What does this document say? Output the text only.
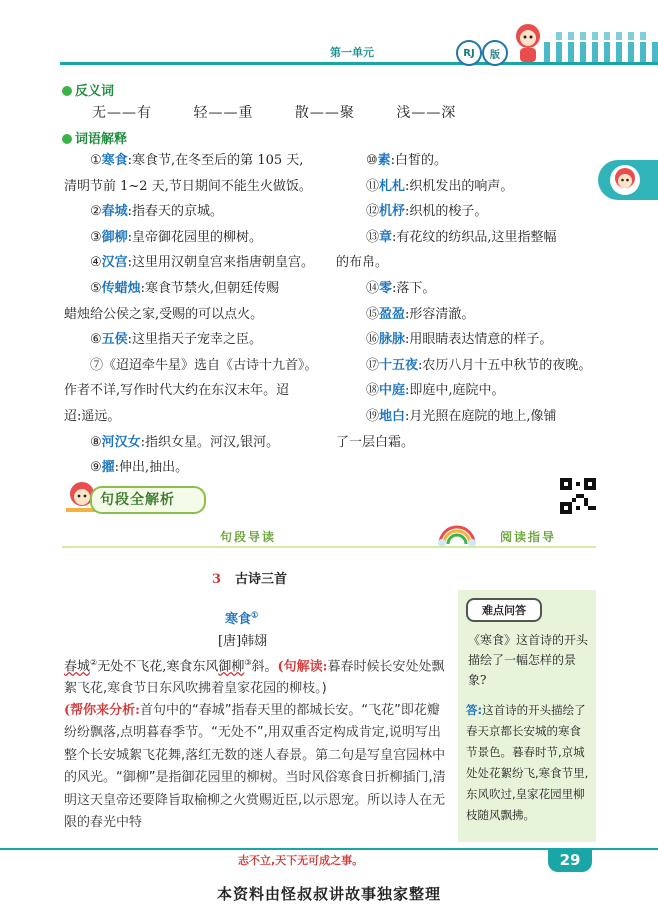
第一单元	RJ	版
反义词
无——有	轻——重	散——聚	浅——深
词语解释
①寒食:寒食节,在冬至后的第 105 天,
清明节前 1~2 天,节日期间不能生火做饭。
②春城:指春天的京城。
③御柳:皇帝御花园里的柳树。
④汉宫:这里用汉朝皇宫来指唐朝皇宫。
⑤传蜡烛:寒食节禁火,但朝廷传赐
蜡烛给公侯之家,受赐的可以点火。
⑥五侯:这里指天子宠幸之臣。
⑦《迢迢牵牛星》选自《古诗十九首》。
作者不详,写作时代大约在东汉末年。迢
迢:遥远。
⑧河汉女:指织女星。河汉,银河。
⑨擢:伸出,抽出。
⑩素:白皙的。
⑪札札:织机发出的响声。
⑫机杼:织机的梭子。
⑬章:有花纹的纺织品,这里指整幅
的布帛。
⑭零:落下。
⑮盈盈:形容清澈。
⑯脉脉:用眼睛表达情意的样子。
⑰十五夜:农历八月十五中秋节的夜晚。
⑱中庭:即庭中,庭院中。
⑲地白:月光照在庭院的地上,像铺
了一层白霜。
句段全解析
句段导读	阅读指导
3 古诗三首
寒食①
[唐]韩翃
春城②无处不飞花,寒食东风御柳③斜。(句解读:暮春时候长安处处飘絮飞花,寒食节日东风吹拂着皇家花园的柳枝。)
(帮你来分析:首句中的“春城”指春天里的都城长安。“飞花”即花瓣纷纷飘落,点明暮春季节。“无处不”,用双重否定构成肯定,说明写出整个长安城絮飞花舞,落红无数的迷人春景。第二句是写皇宫园林中的风光。“御柳”是指御花园里的柳树。当时风俗寒食日折柳插门,清明这天皇帝还要降旨取榆柳之火赏赐近臣,以示恩宠。所以诗人在无限的春光中特
难点问答
《寒食》这首诗的开头描绘了一幅怎样的景象?
答:这首诗的开头描绘了春天京都长安城的寒食节景色。暮春时节,京城处处花絮纷飞,寒食节里,东风吹过,皇家花园里柳枝随风飘拂。
志不立,天下无可成之事。	29
本资料由怪叔叔讲故事独家整理
